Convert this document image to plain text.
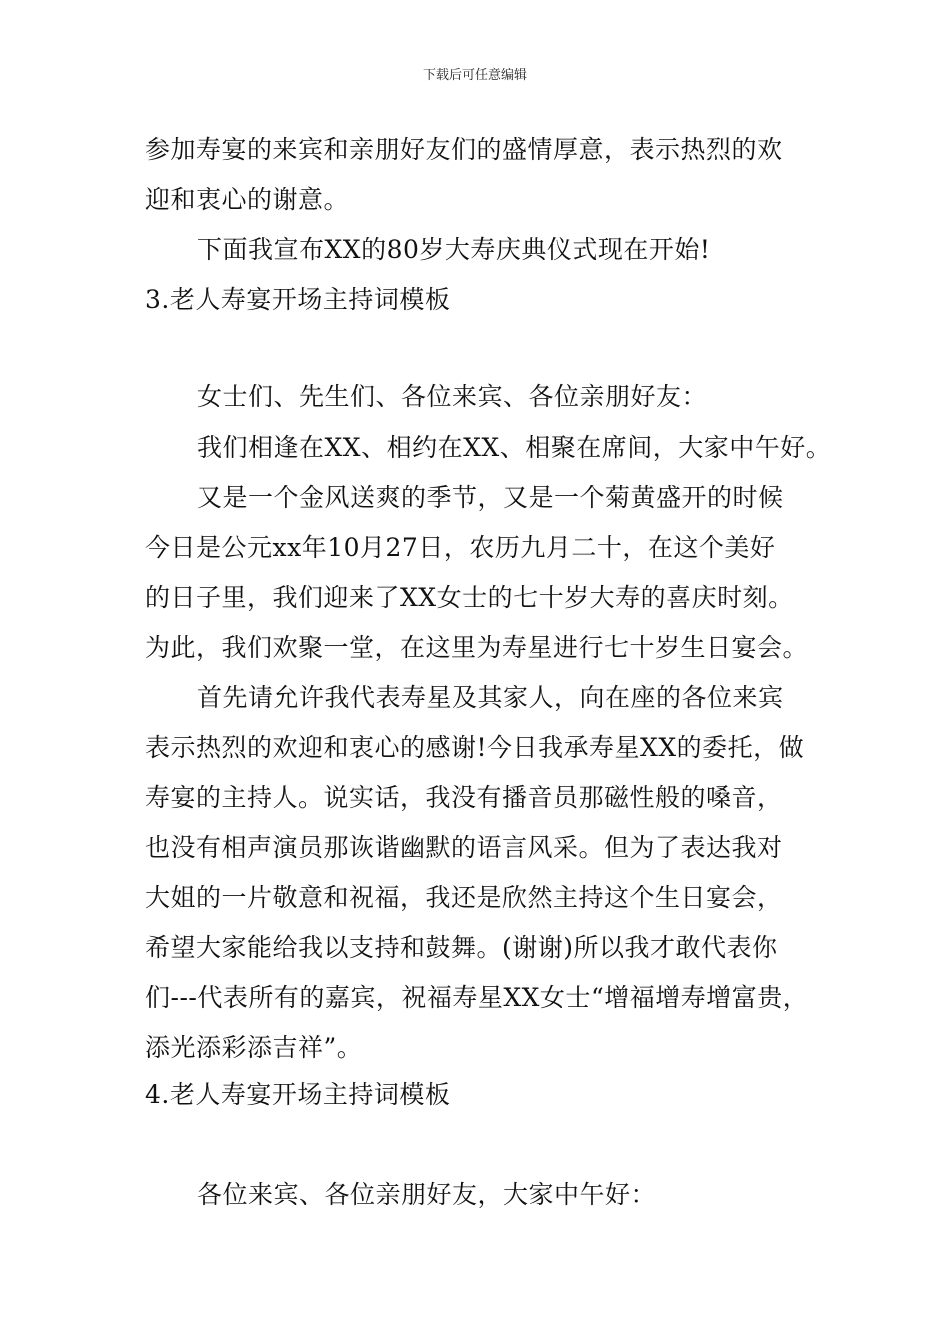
下载后可任意编辑
参加寿宴的来宾和亲朋好友们的盛情厚意，表示热烈的欢
迎和衷心的谢意。
下面我宣布XX的80岁大寿庆典仪式现在开始!
3.老人寿宴开场主持词模板
女士们、先生们、各位来宾、各位亲朋好友：
我们相逢在XX、相约在XX、相聚在席间，大家中午好。
又是一个金风送爽的季节，又是一个菊黄盛开的时候
今日是公元xx年10月27日，农历九月二十，在这个美好
的日子里，我们迎来了XX女士的七十岁大寿的喜庆时刻。
为此，我们欢聚一堂，在这里为寿星进行七十岁生日宴会。
首先请允许我代表寿星及其家人，向在座的各位来宾
表示热烈的欢迎和衷心的感谢!今日我承寿星XX的委托，做
寿宴的主持人。说实话，我没有播音员那磁性般的嗓音，
也没有相声演员那诙谐幽默的语言风采。但为了表达我对
大姐的一片敬意和祝福，我还是欣然主持这个生日宴会，
希望大家能给我以支持和鼓舞。(谢谢)所以我才敢代表你
们---代表所有的嘉宾，祝福寿星XX女士“增福增寿增富贵，
添光添彩添吉祥”。
4.老人寿宴开场主持词模板
各位来宾、各位亲朋好友，大家中午好：
